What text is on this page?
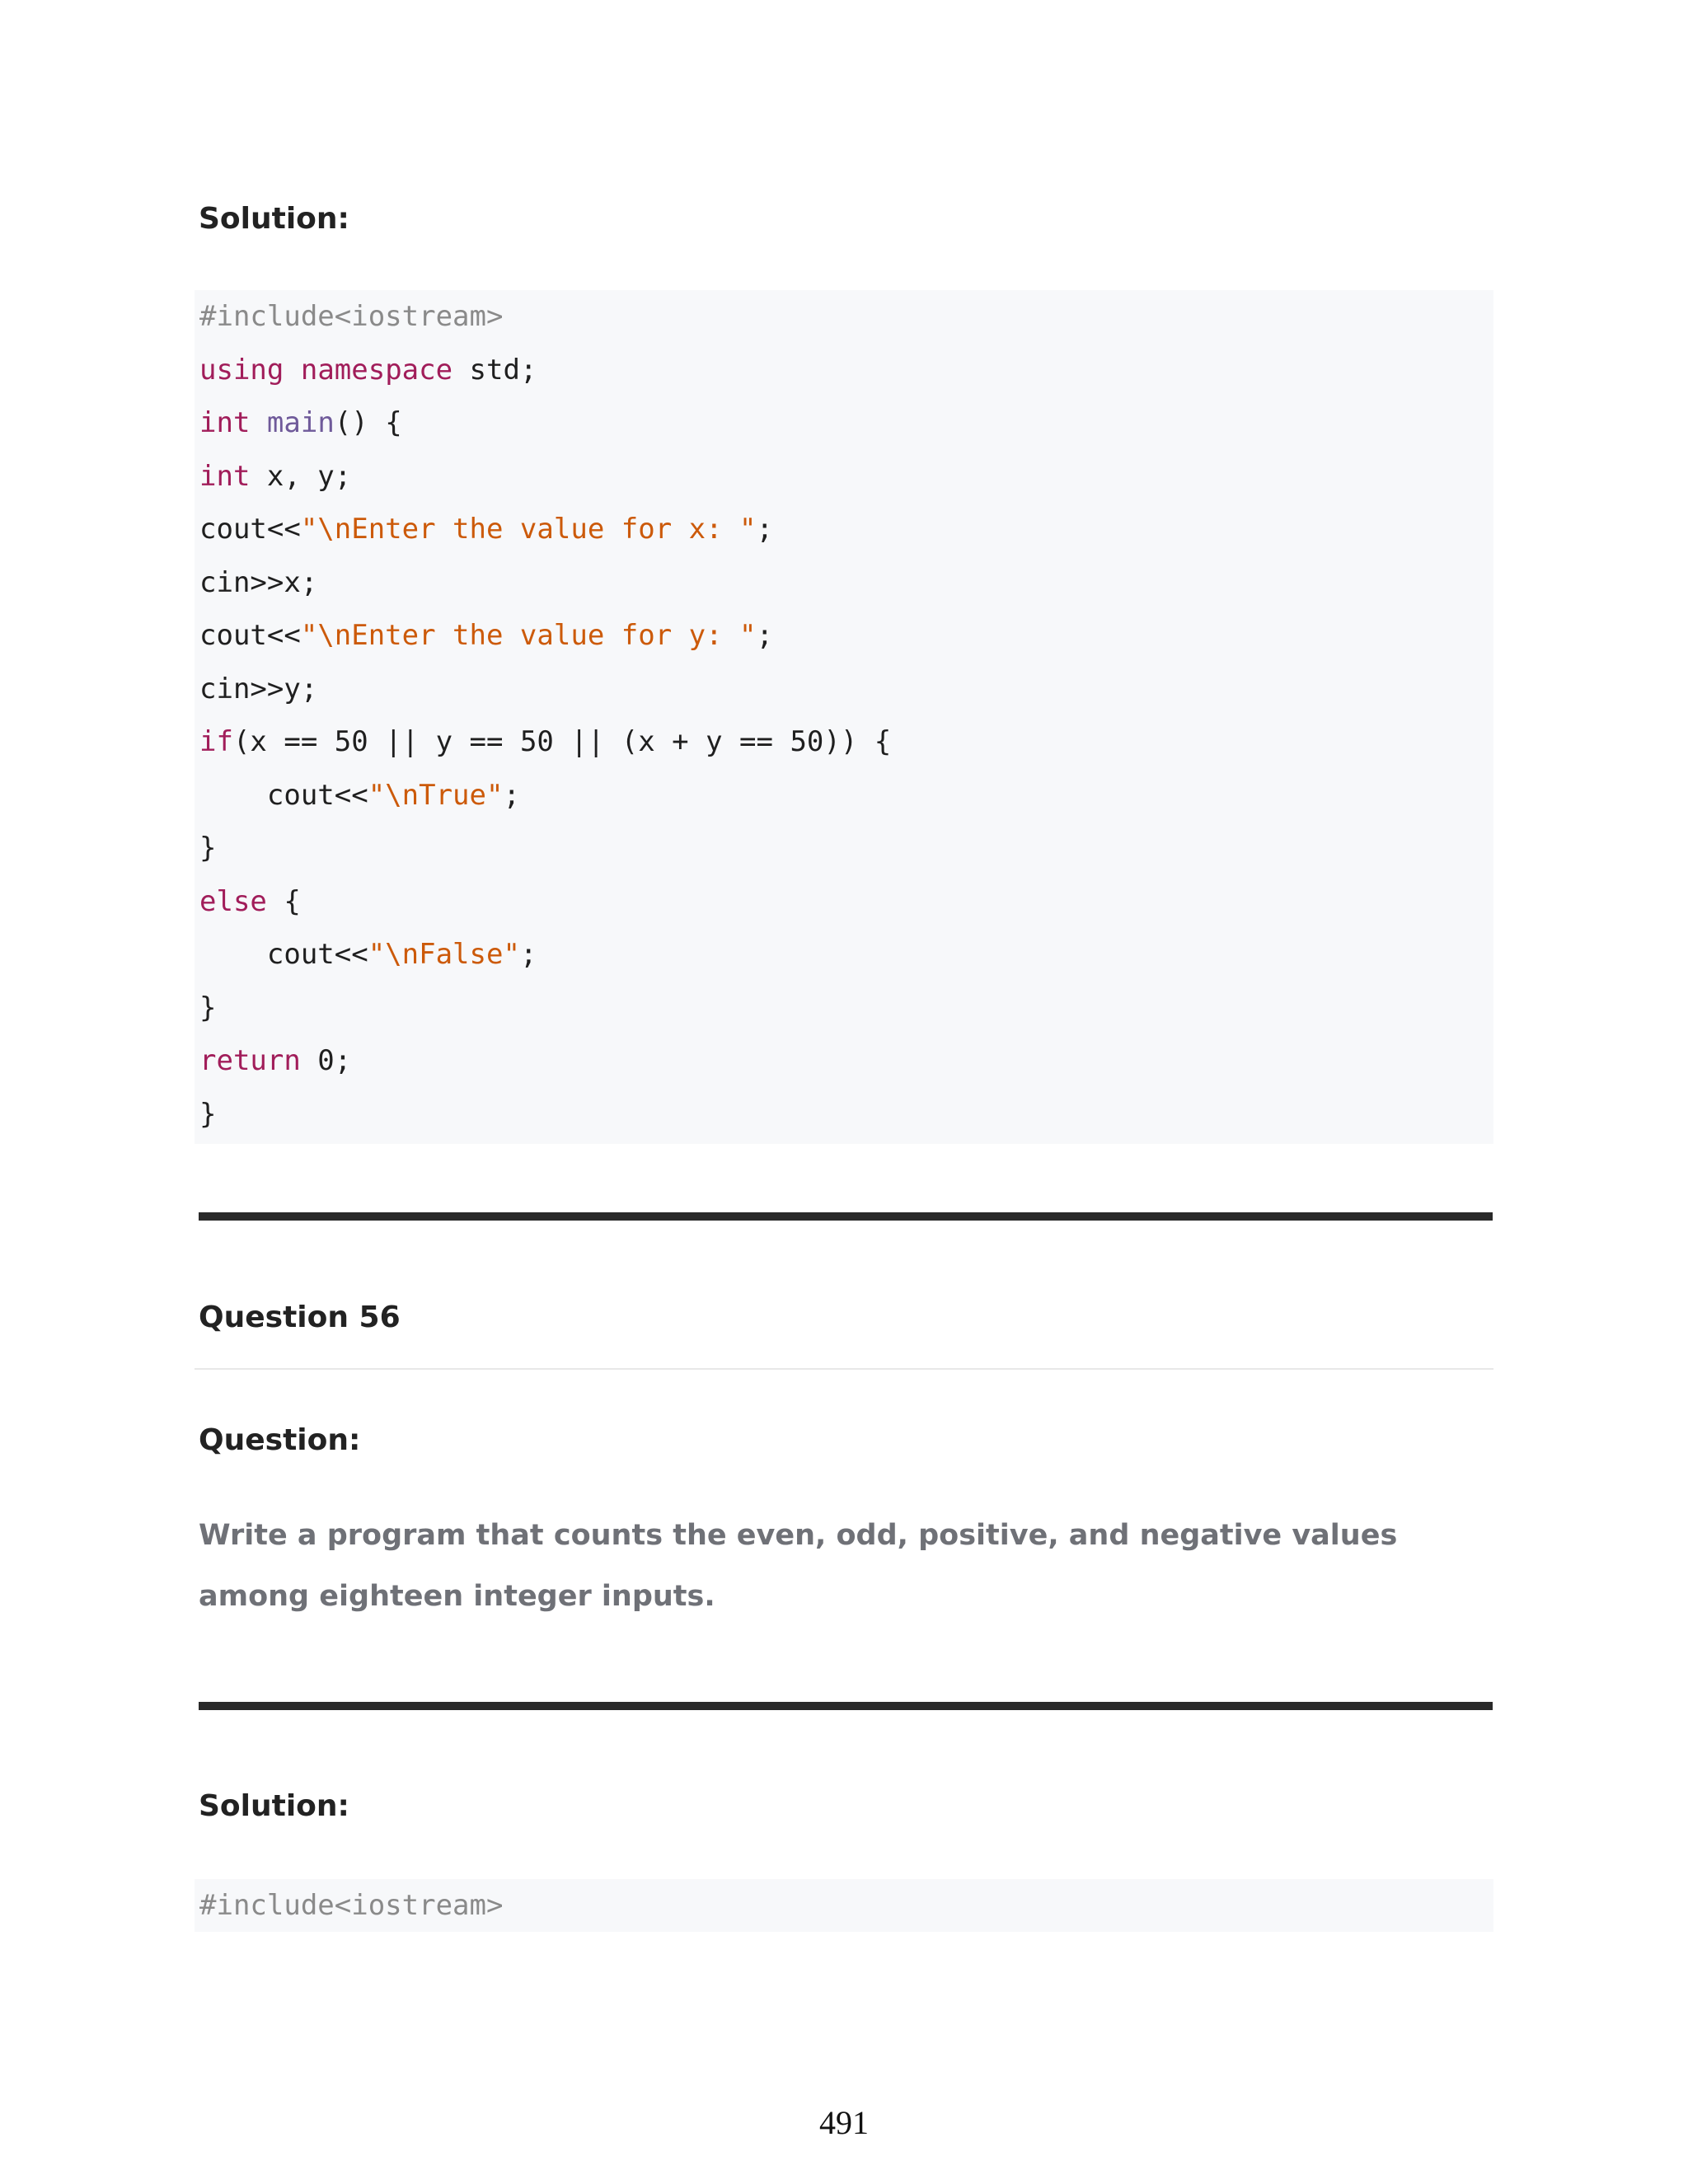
Solution:
#include<iostream>
using namespace std;
int main() {
int x, y;
cout<<"\nEnter the value for x: ";
cin>>x;
cout<<"\nEnter the value for y: ";
cin>>y;
if(x == 50 || y == 50 || (x + y == 50)) {
cout<<"\nTrue";
}
else {
cout<<"\nFalse";
}
return 0;
}
Question 56
Question:
Write a program that counts the even, odd, positive, and negative values among eighteen integer inputs.
Solution:
#include<iostream>
491
